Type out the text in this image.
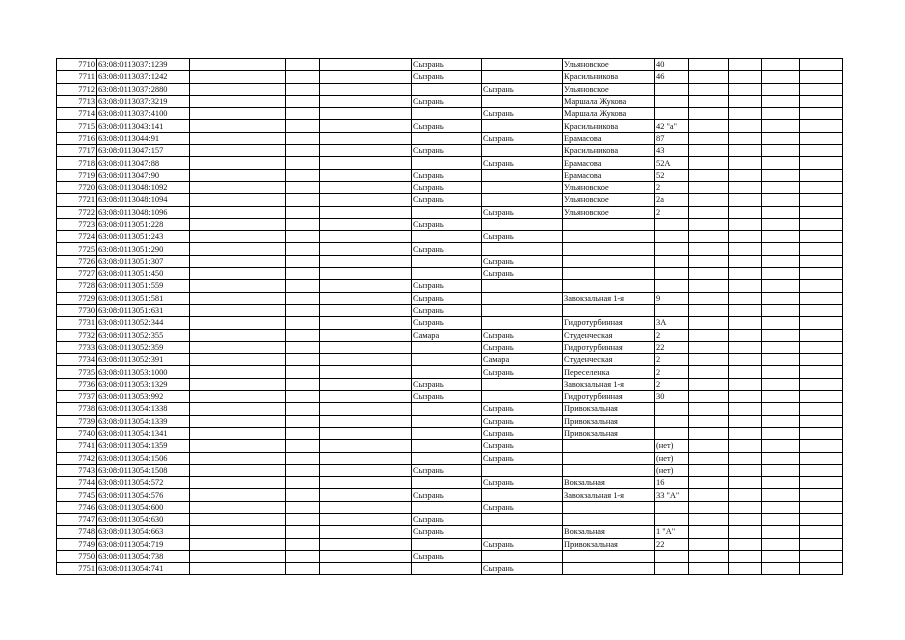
7710	63:08:0113037:1239				Сызрань		Ульяновское	40				
7711	63:08:0113037:1242				Сызрань		Красильникова	46				
7712	63:08:0113037:2880					Сызрань	Ульяновское					
7713	63:08:0113037:3219				Сызрань		Маршала Жукова					
7714	63:08:0113037:4100					Сызрань	Маршала Жукова					
7715	63:08:0113043:141				Сызрань		Красильникова	42 "а"				
7716	63:08:0113044:91					Сызрань	Ерамасова	87				
7717	63:08:0113047:157				Сызрань		Красильникова	43				
7718	63:08:0113047:88					Сызрань	Ерамасова	52А				
7719	63:08:0113047:90				Сызрань		Ерамасова	52				
7720	63:08:0113048:1092				Сызрань		Ульяновское	2				
7721	63:08:0113048:1094				Сызрань		Ульяновское	2а				
7722	63:08:0113048:1096					Сызрань	Ульяновское	2				
7723	63:08:0113051:228				Сызрань							
7724	63:08:0113051:243					Сызрань						
7725	63:08:0113051:290				Сызрань							
7726	63:08:0113051:307					Сызрань						
7727	63:08:0113051:450					Сызрань						
7728	63:08:0113051:559				Сызрань							
7729	63:08:0113051:581				Сызрань		Завокзальная 1-я	9				
7730	63:08:0113051:631				Сызрань							
7731	63:08:0113052:344				Сызрань		Гидротурбинная	3А				
7732	63:08:0113052:355				Самара	Сызрань	Студенческая	2				
7733	63:08:0113052:359					Сызрань	Гидротурбинная	22				
7734	63:08:0113052:391					Самара	Студенческая	2				
7735	63:08:0113053:1000					Сызрань	Переселенка	2				
7736	63:08:0113053:1329				Сызрань		Завокзальная 1-я	2				
7737	63:08:0113053:992				Сызрань		Гидротурбинная	30				
7738	63:08:0113054:1338					Сызрань	Привокзальная					
7739	63:08:0113054:1339					Сызрань	Привокзальная					
7740	63:08:0113054:1341					Сызрань	Привокзальная					
7741	63:08:0113054:1359					Сызрань		(нет)				
7742	63:08:0113054:1506					Сызрань		(нет)				
7743	63:08:0113054:1508				Сызрань			(нет)				
7744	63:08:0113054:572					Сызрань	Вокзальная	16				
7745	63:08:0113054:576				Сызрань		Завокзальная 1-я	33 "А"				
7746	63:08:0113054:600					Сызрань						
7747	63:08:0113054:630				Сызрань							
7748	63:08:0113054:663				Сызрань		Вокзальная	1 "А"				
7749	63:08:0113054:719					Сызрань	Привокзальная	22				
7750	63:08:0113054:738				Сызрань							
7751	63:08:0113054:741					Сызрань						
